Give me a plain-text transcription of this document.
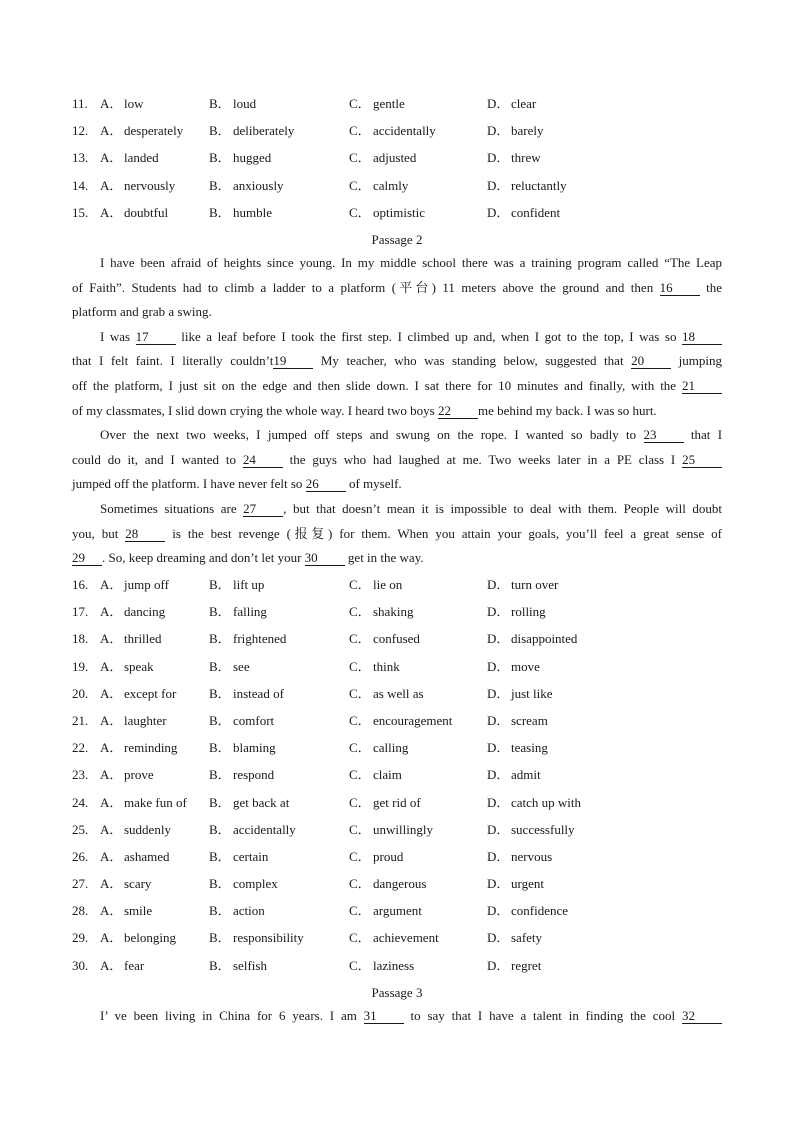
11. A． low	B． loud	C． gentle	D． clear
12. A． desperately B． deliberately	C． accidentally	D． barely
13. A． landed	B． hugged	C． adjusted	D． threw
14. A． nervously	B． anxiously	C． calmly	D． reluctantly
15. A． doubtful	B． humble	C． optimistic	D． confident
Passage 2

I have been afraid of heights since young. In my middle school there was a training program called “The Leap
of Faith”. Students had to climb a ladder to a platform (平台) 11 meters above the ground and then 16	the
platform and grab a swing.

I was 17	like a leaf before I took the first step. I climbed up and, when I got to the top, I was so 18
that I felt faint. I literally couldn’t19	My teacher, who was standing below, suggested that 20	jumping
off the platform, I just sit on the edge and then slide down. I sat there for 10 minutes and finally, with the 21
of my classmates, I slid down crying the whole way. I heard two boys 22 me behind my back. I was so hurt.

Over the next two weeks, I jumped off steps and swung on the rope. I wanted so badly to 23	that I
could do it, and I wanted to 24	the guys who had laughed at me. Two weeks later in a PE class I 25
jumped off the platform. I have never felt so 26 of myself.

Sometimes situations are 27 , but that doesn’t mean it is impossible to deal with them. People will doubt
you, but 28	is the best revenge (报复) for them. When you attain your goals, you’ll feel a great sense of
29 . So, keep dreaming and don’t let your 30 get in the way.

16. A． jump off	B． lift up	C． lie on	D． turn over
17. A． dancing	B． falling	C． shaking	D． rolling
18. A． thrilled	B． frightened	C． confused	D． disappointed
19. A． speak	B． see	C． think	D． move
20. A． except for	B． instead of	C． as well as	D． just like
21. A． laughter	B． comfort	C． encouragement	D． scream
22. A． reminding B． blaming	C． calling	D． teasing
23. A． prove	B． respond	C． claim	D． admit
24. A． make fun of B． get back at	C． get rid of	D． catch up with
25. A． suddenly	B． accidentally	C． unwillingly	D． successfully
26. A． ashamed	B． certain	C． proud	D． nervous
27. A． scary	B． complex	C． dangerous	D． urgent
28. A． smile	B． action	C． argument	D． confidence
29. A． belonging	B． responsibility	C． achievement	D． safety
30. A． fear	B． selfish	C． laziness	D． regret
Passage 3

I’ ve been living in China for 6 years. I am 31	to say that I have a talent in finding the cool 32
